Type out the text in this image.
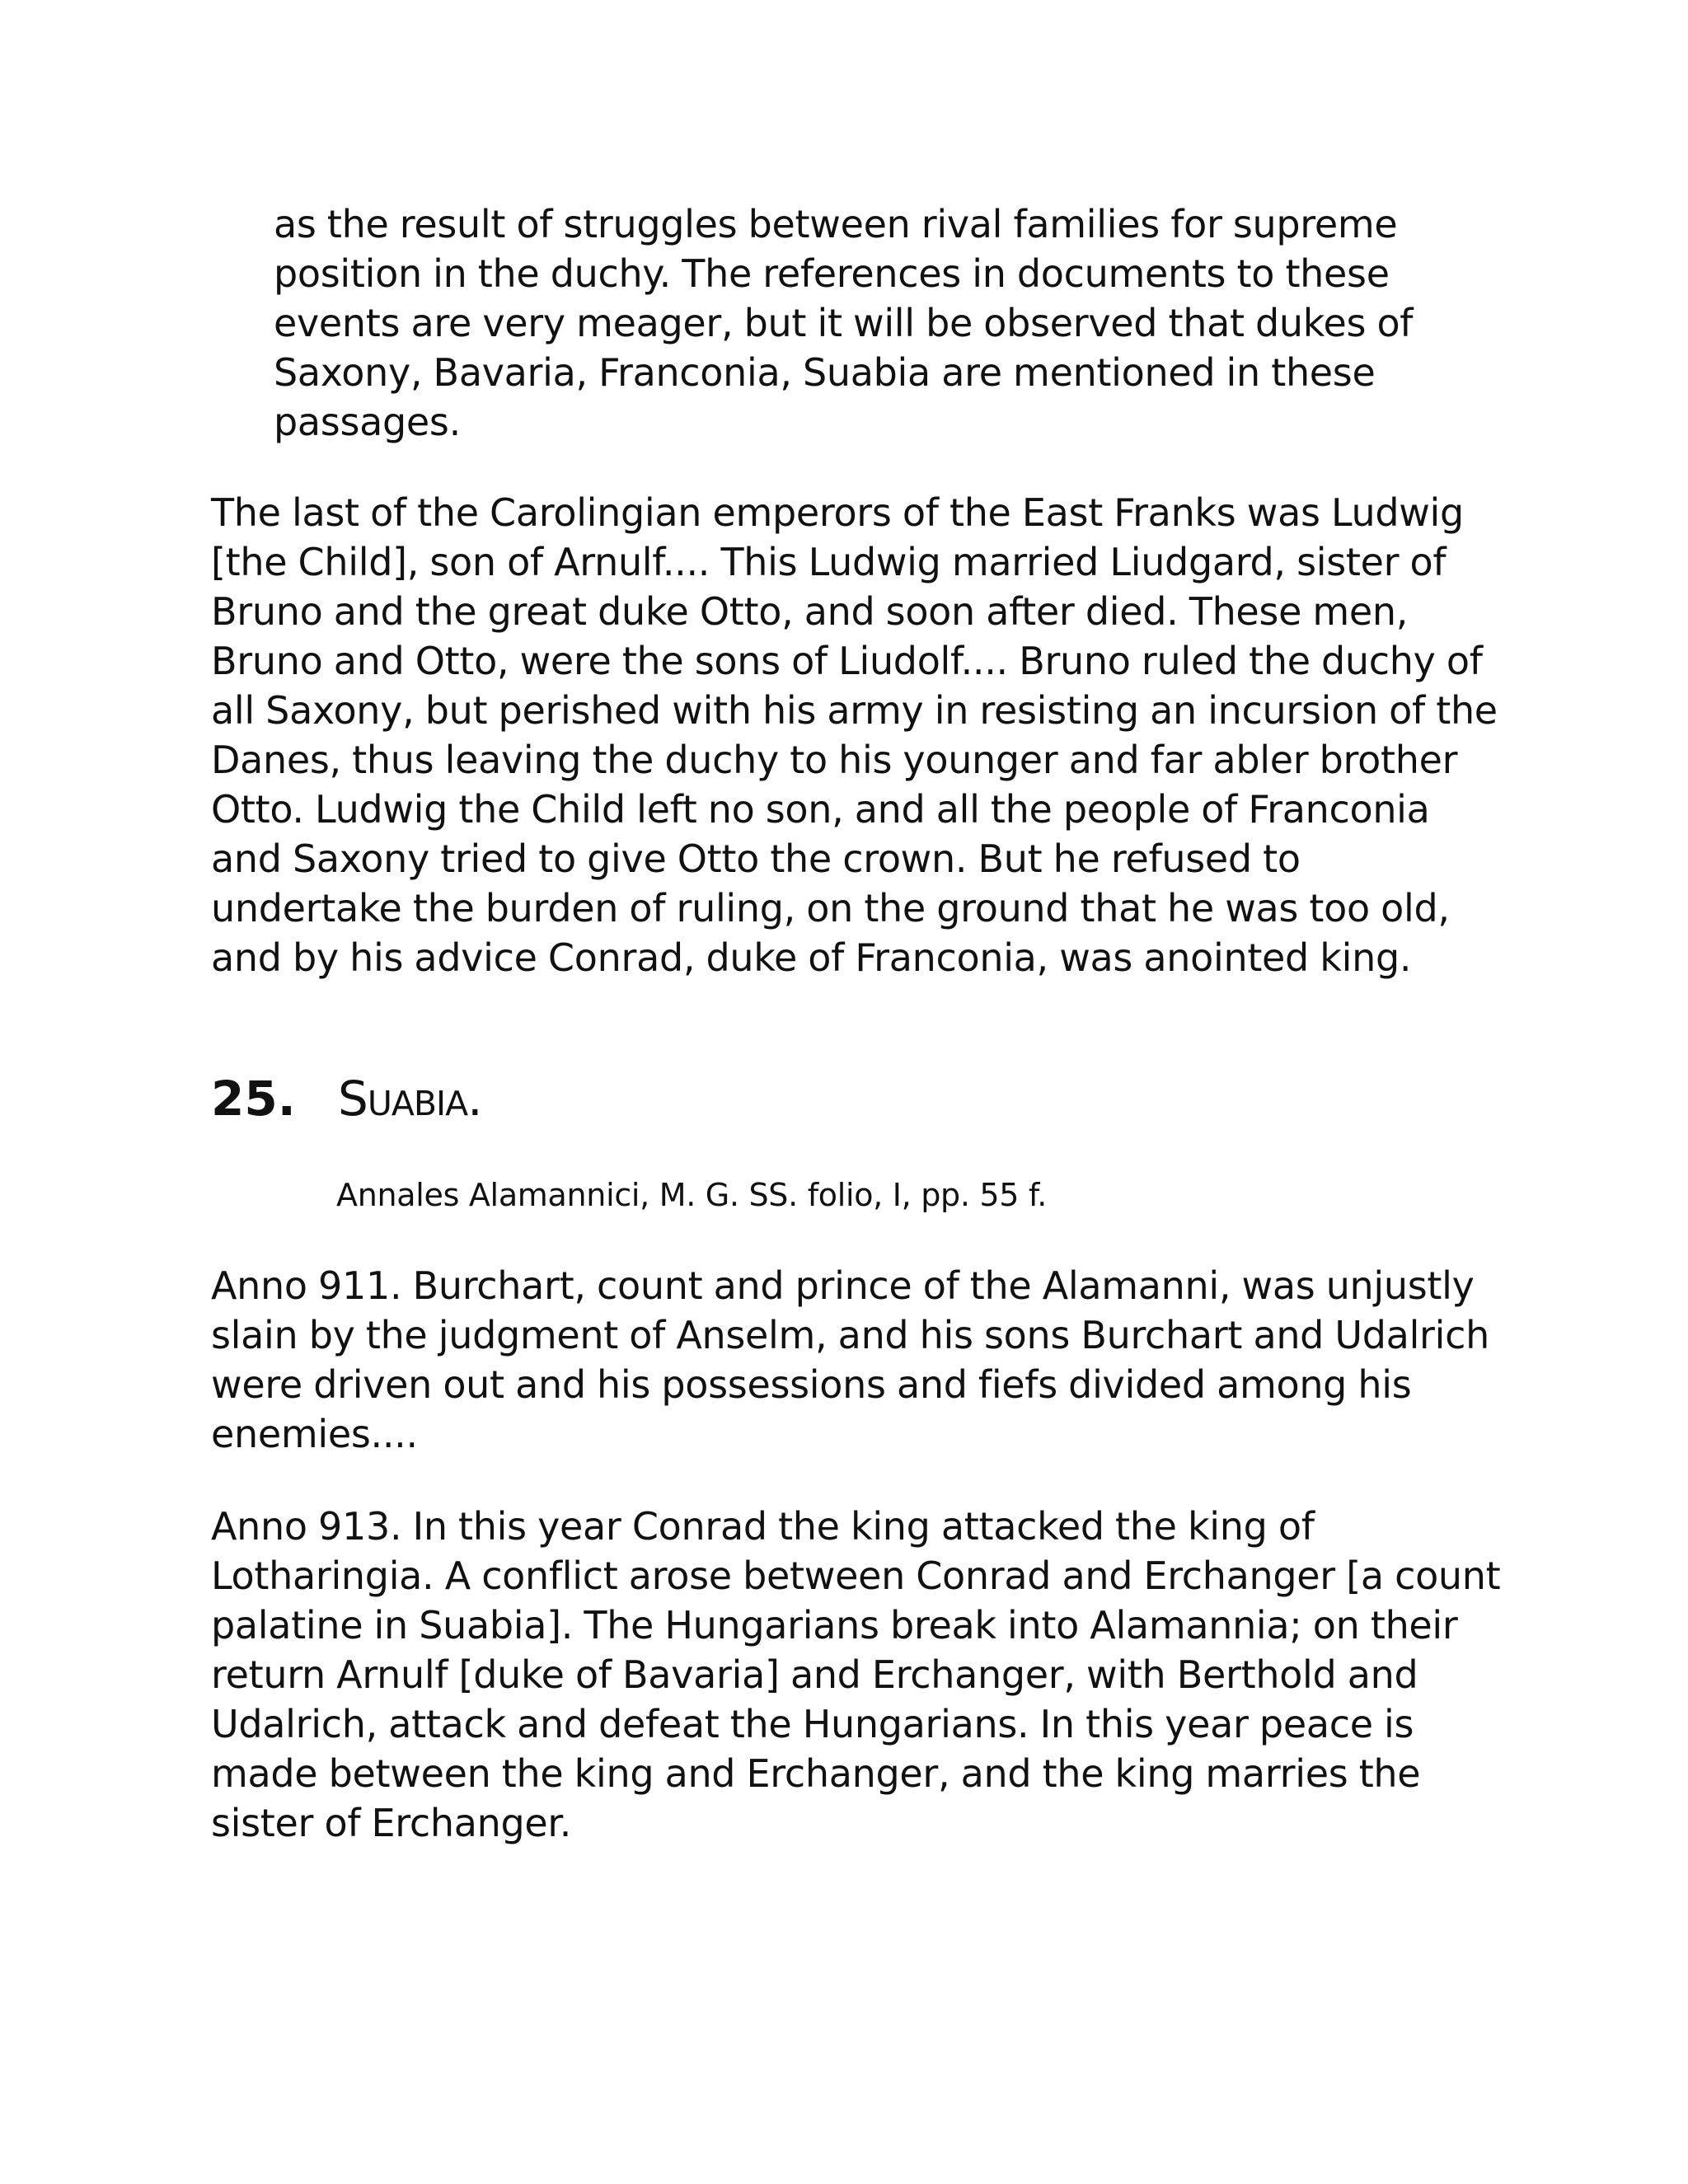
as the result of struggles between rival families for supreme
position in the duchy. The references in documents to these
events are very meager, but it will be observed that dukes of
Saxony, Bavaria, Franconia, Suabia are mentioned in these
passages.

The last of the Carolingian emperors of the East Franks was Ludwig
[the Child], son of Arnulf.... This Ludwig married Liudgard, sister of
Bruno and the great duke Otto, and soon after died. These men,
Bruno and Otto, were the sons of Liudolf.... Bruno ruled the duchy of
all Saxony, but perished with his army in resisting an incursion of the
Danes, thus leaving the duchy to his younger and far abler brother
Otto. Ludwig the Child left no son, and all the people of Franconia
and Saxony tried to give Otto the crown. But he refused to
undertake the burden of ruling, on the ground that he was too old,
and by his advice Conrad, duke of Franconia, was anointed king.

25. Suabia.

Annales Alamannici, M. G. SS. folio, I, pp. 55 f.

Anno 911. Burchart, count and prince of the Alamanni, was unjustly
slain by the judgment of Anselm, and his sons Burchart and Udalrich
were driven out and his possessions and fiefs divided among his
enemies....

Anno 913. In this year Conrad the king attacked the king of
Lotharingia. A conflict arose between Conrad and Erchanger [a count
palatine in Suabia]. The Hungarians break into Alamannia; on their
return Arnulf [duke of Bavaria] and Erchanger, with Berthold and
Udalrich, attack and defeat the Hungarians. In this year peace is
made between the king and Erchanger, and the king marries the
sister of Erchanger.
